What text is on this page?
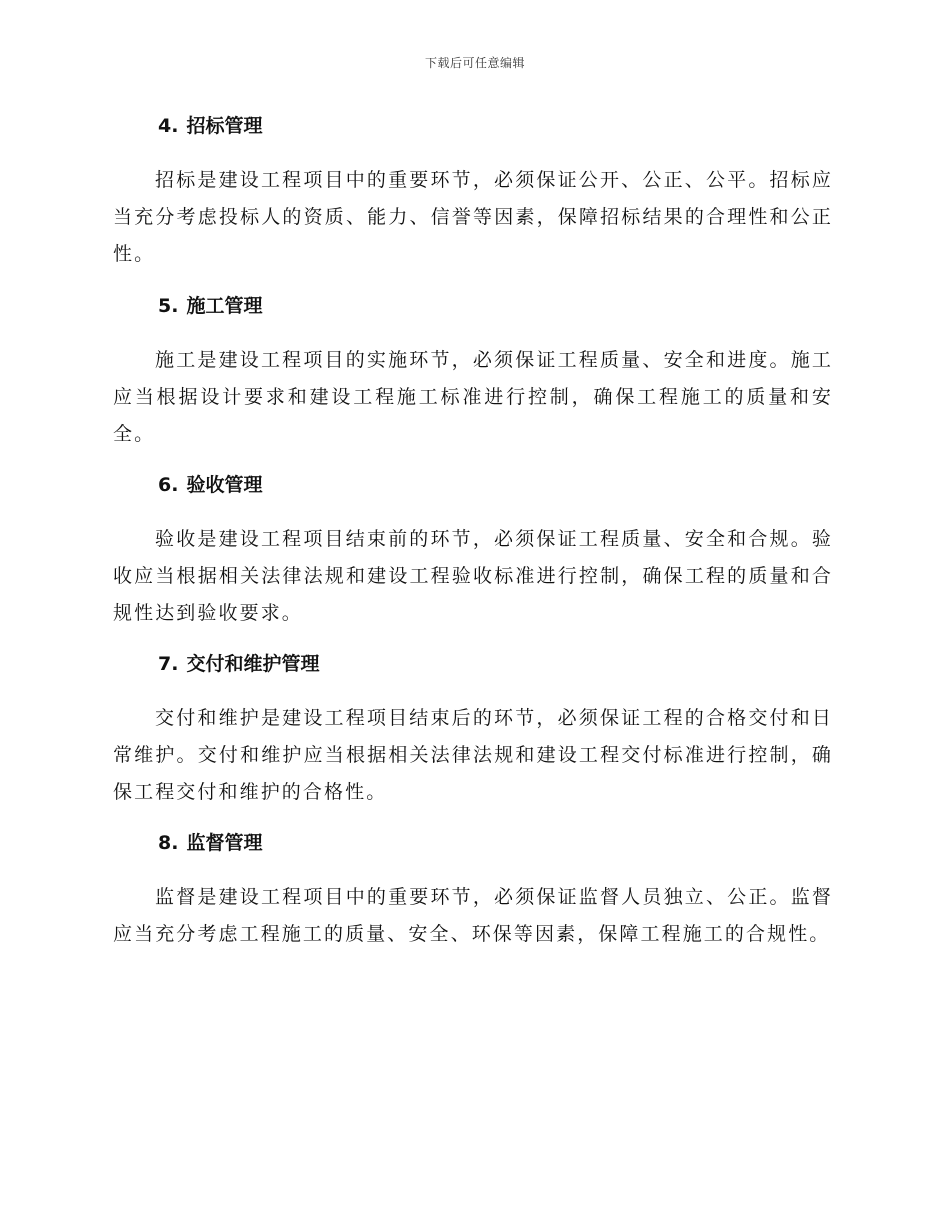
下载后可任意编辑
4. 招标管理

招标是建设工程项目中的重要环节，必须保证公开、公正、公平。招标应当充分考虑投标人的资质、能力、信誉等因素，保障招标结果的合理性和公正性。

5. 施工管理

施工是建设工程项目的实施环节，必须保证工程质量、安全和进度。施工应当根据设计要求和建设工程施工标准进行控制，确保工程施工的质量和安全。

6. 验收管理

验收是建设工程项目结束前的环节，必须保证工程质量、安全和合规。验收应当根据相关法律法规和建设工程验收标准进行控制，确保工程的质量和合规性达到验收要求。

7. 交付和维护管理

交付和维护是建设工程项目结束后的环节，必须保证工程的合格交付和日常维护。交付和维护应当根据相关法律法规和建设工程交付标准进行控制，确保工程交付和维护的合格性。

8. 监督管理

监督是建设工程项目中的重要环节，必须保证监督人员独立、公正。监督应当充分考虑工程施工的质量、安全、环保等因素，保障工程施工的合规性。
